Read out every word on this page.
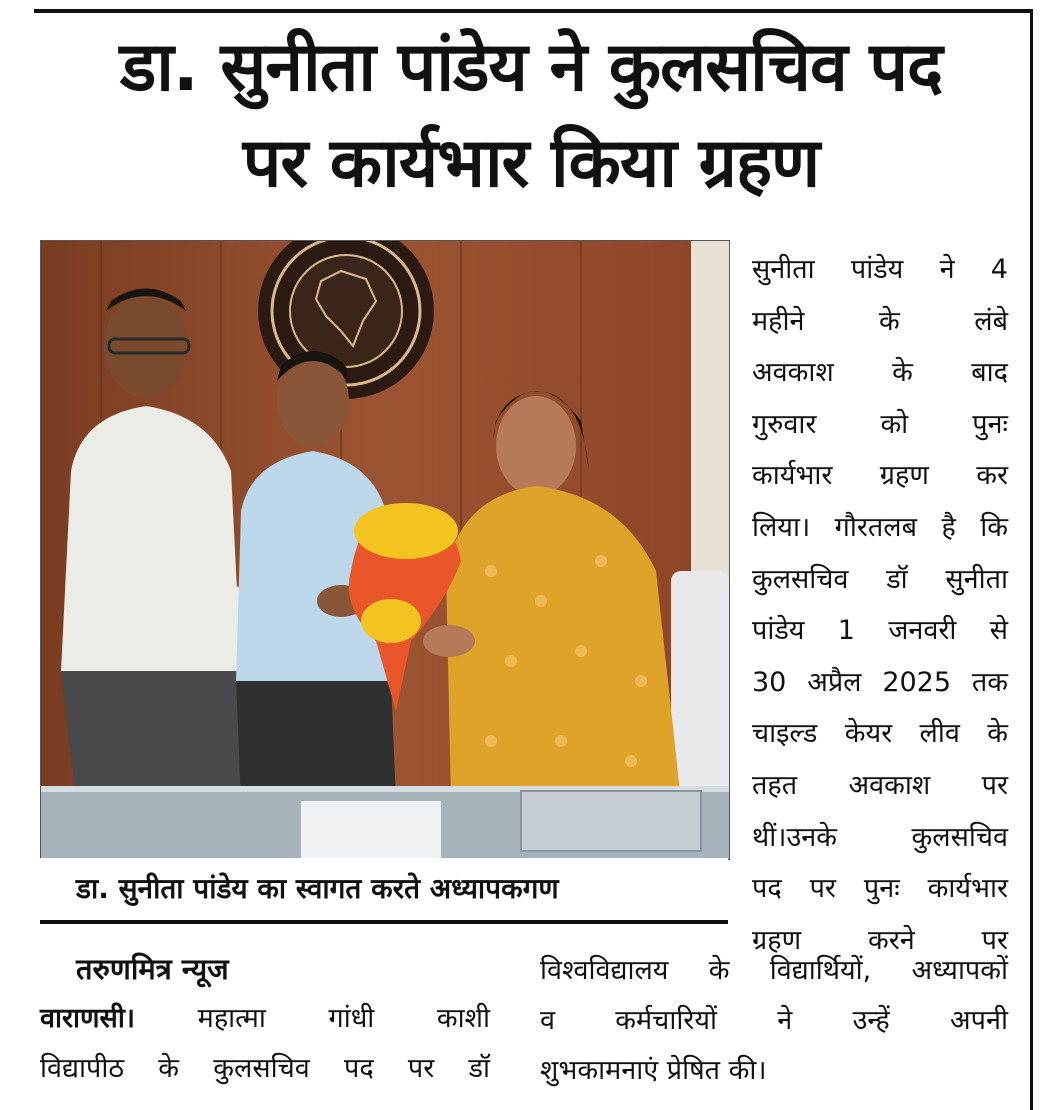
डा. सुनीता पांडेय ने कुलसचिव पद
पर कार्यभार किया ग्रहण

डा. सुनीता पांडेय का स्वागत करते अध्यापकगण

सुनीता पांडेय ने 4
महीने के लंबे
अवकाश के बाद
गुरुवार को पुनः
कार्यभार ग्रहण कर
लिया। गौरतलब है कि
कुलसचिव डॉ सुनीता
पांडेय 1 जनवरी से
30 अप्रैल 2025 तक
चाइल्ड केयर लीव के
तहत अवकाश पर
थीं।उनके कुलसचिव
पद पर पुनः कार्यभार
ग्रहण करने पर

तरुणमित्र न्यूज

वाराणसी। महात्मा गांधी काशी
विद्यापीठ के कुलसचिव पद पर डॉ
विश्वविद्यालय के विद्यार्थियों, अध्यापकों
व कर्मचारियों ने उन्हें अपनी
शुभकामनाएं प्रेषित की।
